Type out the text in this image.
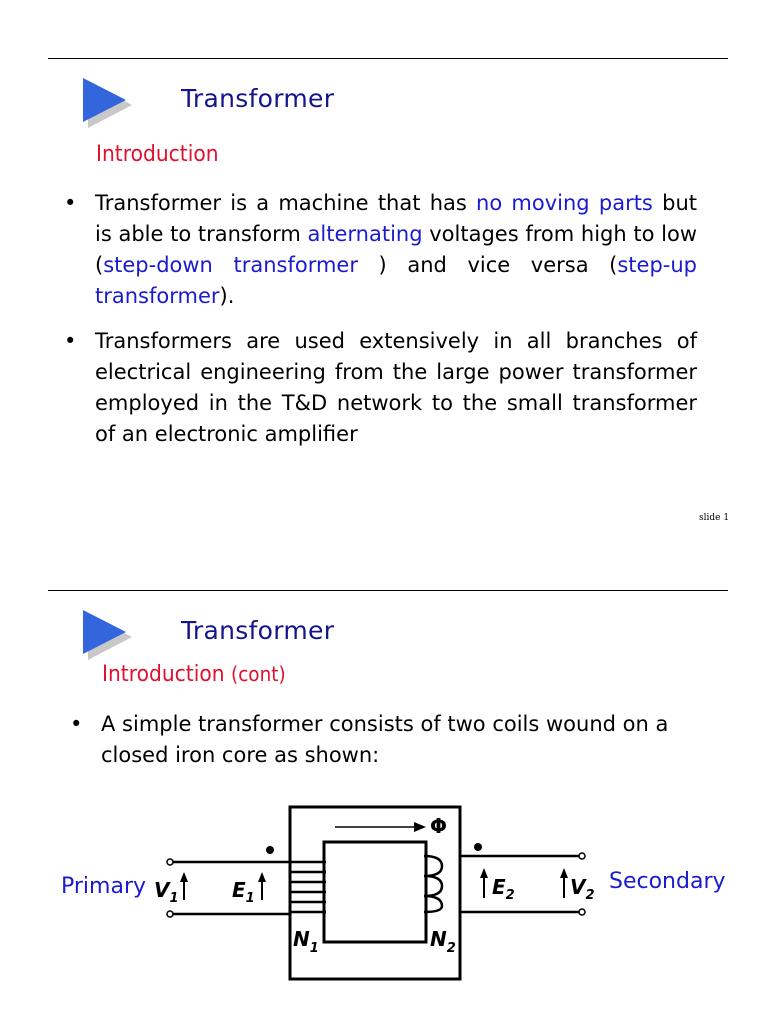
Transformer
Introduction
• Transformer is a machine that has no moving parts but is able to transform alternating voltages from high to low (step-down transformer ) and vice versa (step-up transformer).
• Transformers are used extensively in all branches of electrical engineering from the large power transformer employed in the T&D network to the small transformer of an electronic amplifier
slide 1
Transformer
Introduction (cont)
• A simple transformer consists of two coils wound on a closed iron core as shown:
Φ
$V_1$	$E_1$	$E_2$	$V_2$
$N_1$	$N_2$
Primary	Secondary
